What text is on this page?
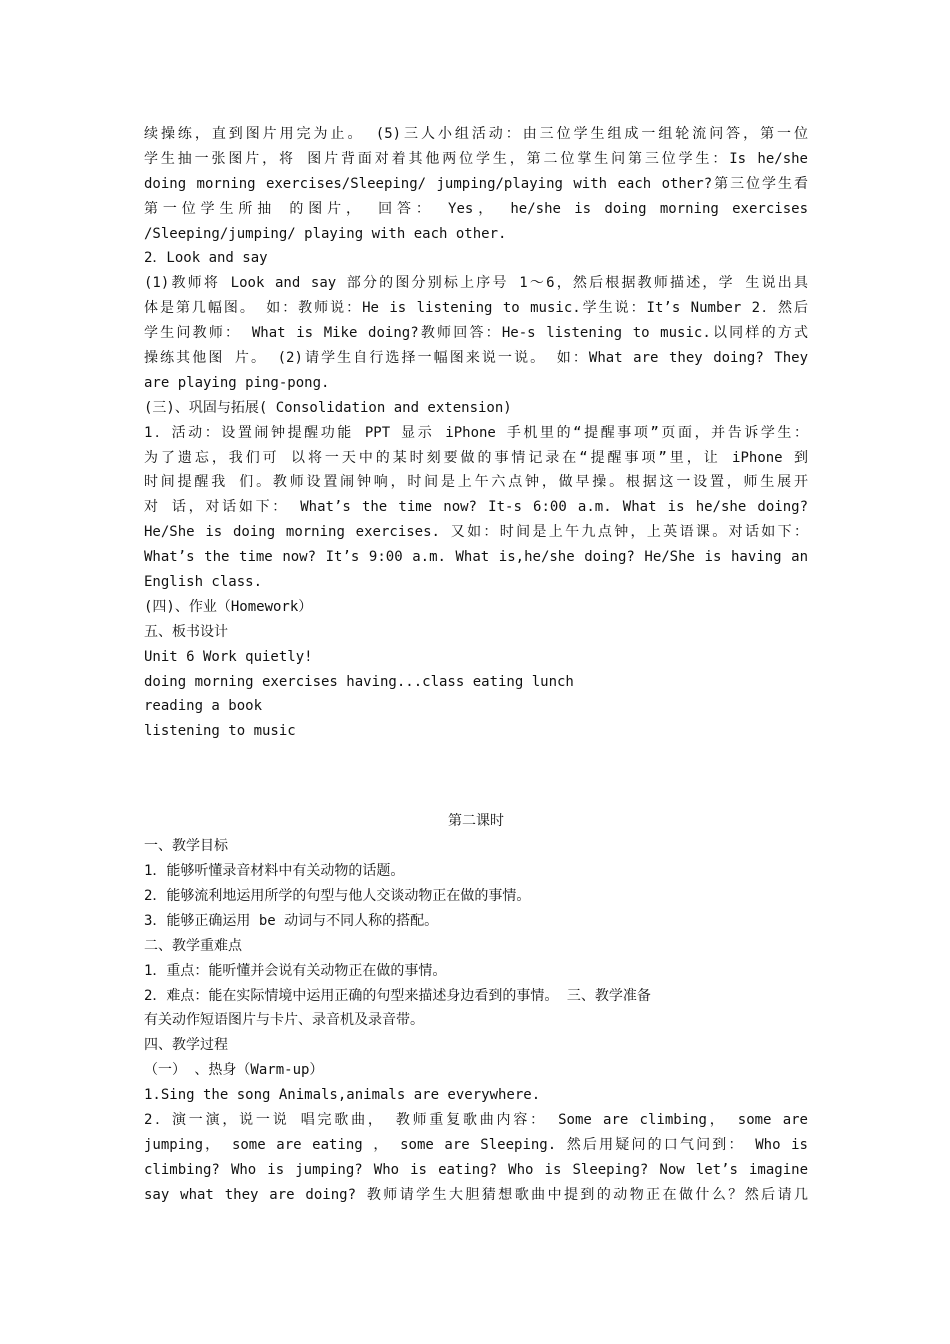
续操练，直到图片用完为止。 (5)三人小组活动：由三位学生组成一组轮流问答，第一位
学生抽一张图片，将 图片背面对着其他两位学生，第二位掌生问第三位学生：Is he/she
doing morning exercises/Sleeping/ jumping/playing with each other?第三位学生看
第一位学生所抽 的图片， 回答： Yes， he/she is doing morning exercises
/Sleeping/jumping/ playing with each other.
2．Look and say
(1)教师将 Look and say 部分的图分别标上序号 1～6，然后根据教师描述，学 生说出具
体是第几幅图。 如：教师说：He is listening to music.学生说：It’s Number 2．然后
学生问教师： What is Mike doing?教师回答：He-s listening to music.以同样的方式
操练其他图 片。 (2)请学生自行选择一幅图来说一说。 如：What are they doing? They
are playing ping-pong.
(三)、巩固与拓展( Consolidation and extension)
1．活动：设置闹钟提醒功能 PPT 显示 iPhone 手机里的“提醒事项”页面，并告诉学生：
为了遗忘，我们可 以将一天中的某时刻要做的事情记录在“提醒事项”里，让 iPhone 到
时间提醒我 们。教师设置闹钟响，时间是上午六点钟，做早操。根据这一设置，师生展开
对 话，对话如下： What’s the time now? It-s 6:00 a.m. What is he/she doing?
He/She is doing morning exercises. 又如：时间是上午九点钟，上英语课。对话如下：
What’s the time now? It’s 9:00 a.m. What is,he/she doing? He/She is having an
English class.
(四)、作业（Homework）
五、板书设计
Unit 6 Work quietly!
doing morning exercises having...class eating lunch
reading a book
listening to music
第二课时
一、教学目标
1．能够听懂录音材料中有关动物的话题。
2．能够流利地运用所学的句型与他人交谈动物正在做的事情。
3．能够正确运用 be 动词与不同人称的搭配。
二、教学重难点
1．重点：能听懂并会说有关动物正在做的事情。
2．难点：能在实际情境中运用正确的句型来描述身边看到的事情。 三、教学准备
有关动作短语图片与卡片、录音机及录音带。
四、教学过程
（一） 、热身（Warm-up）
1.Sing the song Animals,animals are everywhere.
2．演一演，说一说 唱完歌曲， 教师重复歌曲内容： Some are climbing， some are
jumping， some are eating ， some are Sleeping. 然后用疑问的口气问到： Who is
climbing? Who is jumping? Who is eating? Who is Sleeping? Now let’s imagine
say what they are doing? 教师请学生大胆猜想歌曲中提到的动物正在做什么？然后请几
